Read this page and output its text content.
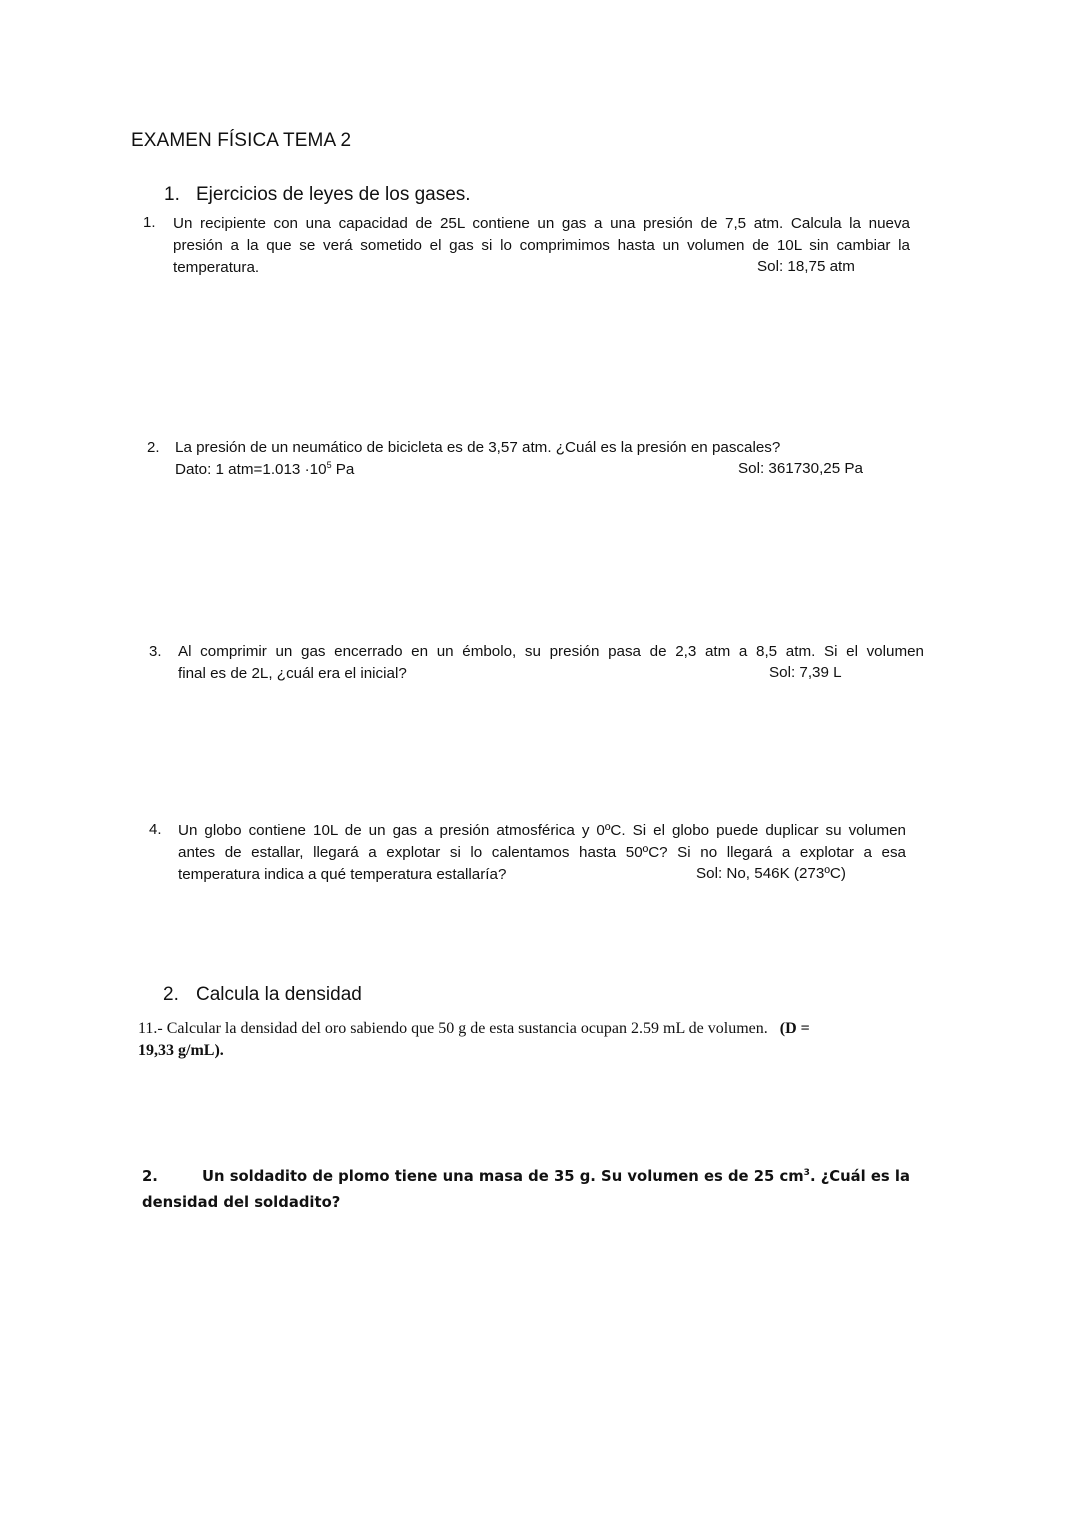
EXAMEN FÍSICA TEMA 2
1. Ejercicios de leyes de los gases.
1. Un recipiente con una capacidad de 25L contiene un gas a una presión de 7,5 atm. Calcula la nueva
presión a la que se verá sometido el gas si lo comprimimos hasta un volumen de 10L sin cambiar la
temperatura.	Sol: 18,75 atm
2. La presión de un neumático de bicicleta es de 3,57 atm. ¿Cuál es la presión en pascales?
Dato: 1 $atm=1.013 \cdot 10^5$ Pa	Sol: 361730,25 Pa
3. Al comprimir un gas encerrado en un émbolo, su presión pasa de 2,3 atm a 8,5 atm. Si el volumen
final es de 2L, ¿cuál era el inicial?	Sol: 7,39 L
4. Un globo contiene 10L de un gas a presión atmosférica y 0ºC. Si el globo puede duplicar su volumen
antes de estallar, llegará a explotar si lo calentamos hasta 50ºC? Si no llegará a explotar a esa
temperatura indica a qué temperatura estallaría?	Sol: No, 546K (273ºC)
2. Calcula la densidad
11.- Calcular la densidad del oro sabiendo que 50 g de esta sustancia ocupan 2.59 mL de volumen. (D =
19,33 g/mL).
2.	Un soldadito de plomo tiene una masa de 35 g. Su volumen es de 25 $cm^3$. ¿Cuál es la
densidad del soldadito?
